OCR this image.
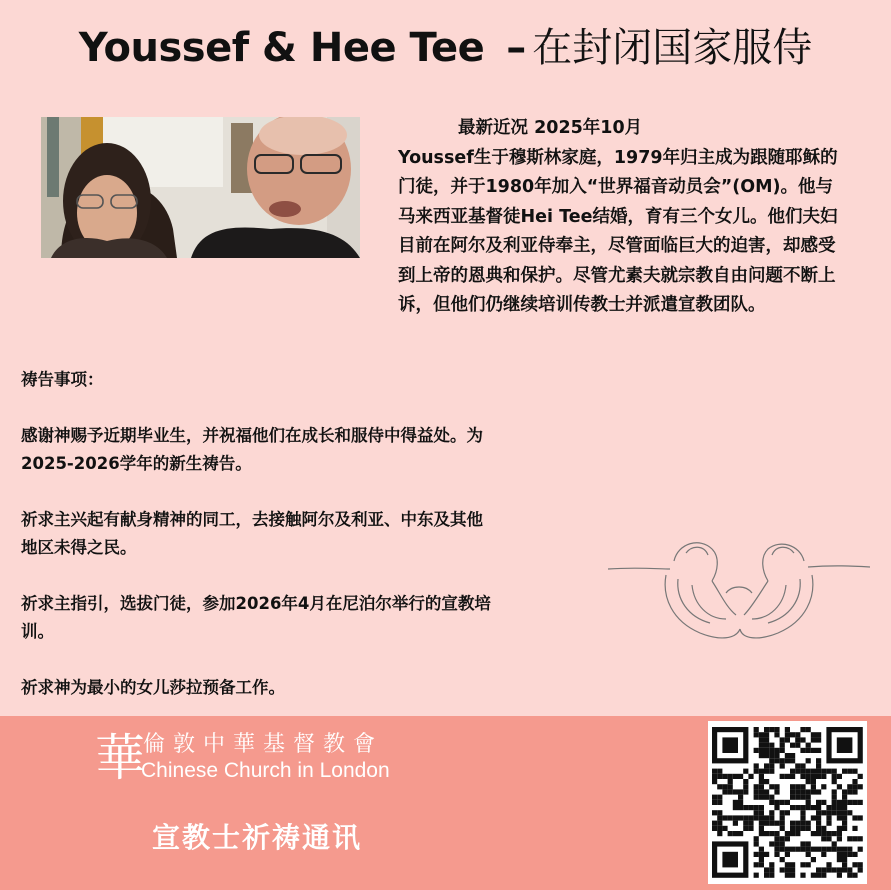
Youssef & Hee Tee – 在封闭国家服侍
最新近况 2025年10月
Youssef生于穆斯林家庭，1979年归主成为跟随耶稣的门徒，并于1980年加入“世界福音动员会”(OM)。他与马来西亚基督徒Hei Tee结婚，育有三个女儿。他们夫妇目前在阿尔及利亚侍奉主，尽管面临巨大的迫害，却感受到上帝的恩典和保护。尽管尤素夫就宗教自由问题不断上诉，但他们仍继续培训传教士并派遣宣教团队。

祷告事项：

感谢神赐予近期毕业生，并祝福他们在成长和服侍中得益处。为2025-2026学年的新生祷告。

祈求主兴起有献身精神的同工，去接触阿尔及利亚、中东及其他地区未得之民。

祈求主指引，选拔门徒，参加2026年4月在尼泊尔举行的宣教培训。

祈求神为最小的女儿莎拉预备工作。

華
倫敦中華基督教會
Chinese Church in London
宣教士祈祷通讯
